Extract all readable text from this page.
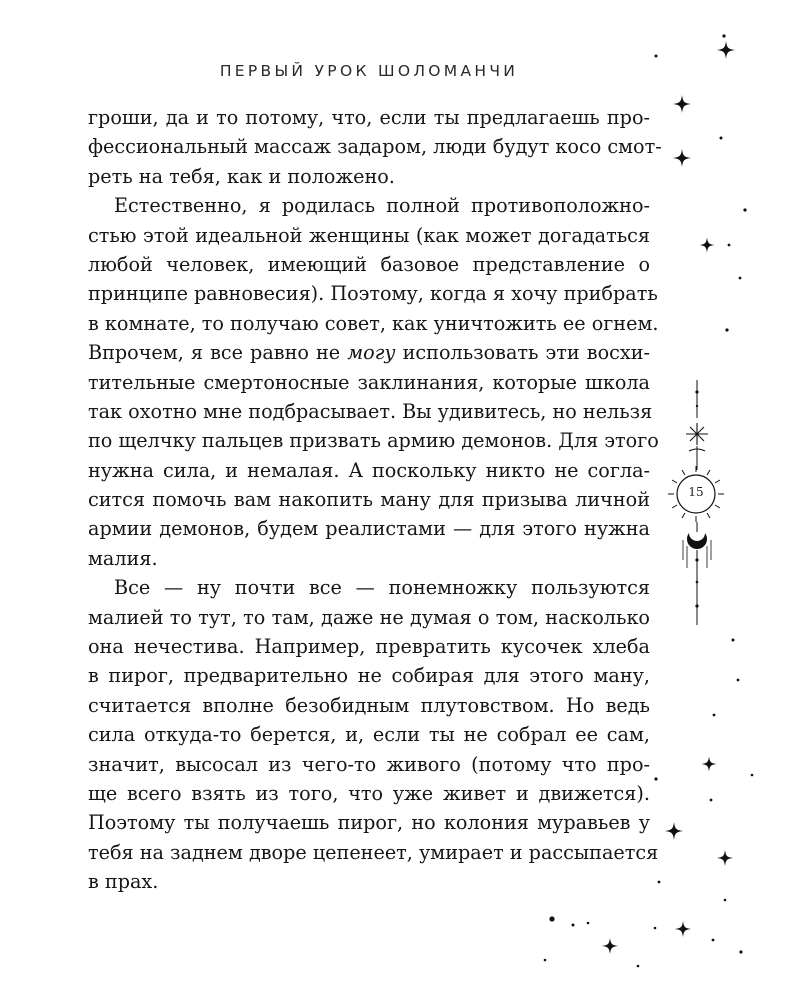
ПЕРВЫЙ УРОК ШОЛОМАНЧИ
гроши, да и то потому, что, если ты предлагаешь про-
фессиональный массаж задаром, люди будут косо смот-
реть на тебя, как и положено.
Естественно, я родилась полной противоположно-
стью этой идеальной женщины (как может догадаться
любой человек, имеющий базовое представление о
принципе равновесия). Поэтому, когда я хочу прибрать
в комнате, то получаю совет, как уничтожить ее огнем.
Впрочем, я все равно не могу использовать эти восхи-
тительные смертоносные заклинания, которые школа
так охотно мне подбрасывает. Вы удивитесь, но нельзя
по щелчку пальцев призвать армию демонов. Для этого
нужна сила, и немалая. А поскольку никто не согла-
сится помочь вам накопить ману для призыва личной
армии демонов, будем реалистами — для этого нужна
малия.
Все — ну почти все — понемножку пользуются
малией то тут, то там, даже не думая о том, насколько
она нечестива. Например, превратить кусочек хлеба
в пирог, предварительно не собирая для этого ману,
считается вполне безобидным плутовством. Но ведь
сила откуда-то берется, и, если ты не собрал ее сам,
значит, высосал из чего-то живого (потому что про-
ще всего взять из того, что уже живет и движется).
Поэтому ты получаешь пирог, но колония муравьев у
тебя на заднем дворе цепенеет, умирает и рассыпается
в прах.
15
